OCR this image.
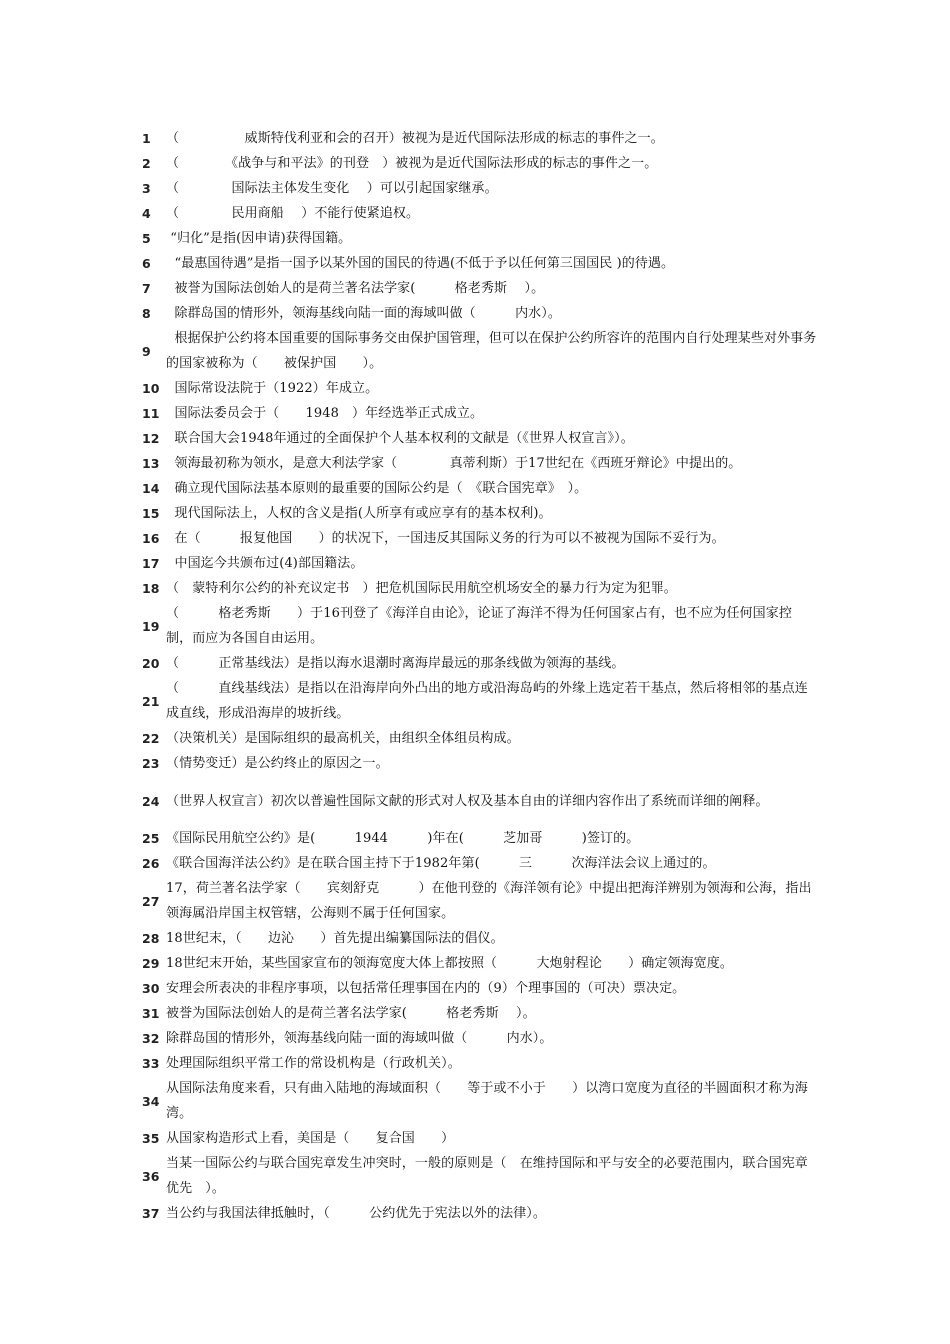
1	（　　　　　威斯特伐利亚和会的召开）被视为是近代国际法形成的标志的事件之一。
2	（　　　　《战争与和平法》的刊登　）被视为是近代国际法形成的标志的事件之一。
3	（　　　　国际法主体发生变化　 ）可以引起国家继承。
4	（　　　　民用商船　 ）不能行使紧追权。
5	“归化”是指(因申请)获得国籍。
6	“最惠国待遇”是指一国予以某外国的国民的待遇(不低于予以任何第三国国民 )的待遇。
7	被誉为国际法创始人的是荷兰著名法学家(　　　格老秀斯　 ）。
8	除群岛国的情形外，领海基线向陆一面的海域叫做（　　　内水）。
9
根据保护公约将本国重要的国际事务交由保护国管理，但可以在保护公约所容许的范围内自行处理某些对外事务的国家被称为（　　被保护国　　）。
10 国际常设法院于（1922）年成立。
11 国际法委员会于（　　1948　）年经选举正式成立。
12 联合国大会1948年通过的全面保护个人基本权利的文献是（《世界人权宣言》）。
13 领海最初称为领水，是意大利法学家（　　　　真蒂利斯）于17世纪在《西班牙辩论》中提出的。
14 确立现代国际法基本原则的最重要的国际公约是（　《联合国宪章》　）。
15 现代国际法上，人权的含义是指(人所享有或应享有的基本权利)。
16 在（　　　报复他国　　）的状况下，一国违反其国际义务的行为可以不被视为国际不妥行为。
17 中国迄今共颁布过(4)部国籍法。
18 （　蒙特利尔公约的补充议定书　）把危机国际民用航空机场安全的暴力行为定为犯罪。
19
（　　　格老秀斯　　）于16刊登了《海洋自由论》，论证了海洋不得为任何国家占有，也不应为任何国家控制，而应为各国自由运用。
20 （　　　正常基线法）是指以海水退潮时离海岸最远的那条线做为领海的基线。
21
（　　　直线基线法）是指以在沿海岸向外凸出的地方或沿海岛屿的外缘上选定若干基点，然后将相邻的基点连成直线，形成沿海岸的坡折线。
22 （决策机关）是国际组织的最高机关，由组织全体组员构成。
23 （情势变迁）是公约终止的原因之一。
24 （世界人权宣言）初次以普遍性国际文献的形式对人权及基本自由的详细内容作出了系统而详细的阐释。
25 《国际民用航空公约》是(　　　1944　　　)年在(　　　芝加哥　　　)签订的。
26 《联合国海洋法公约》是在联合国主持下于1982年第(　　　三　　　次海洋法会议上通过的。
27
17，荷兰著名法学家（　　宾刻舒克　　　）在他刊登的《海洋领有论》中提出把海洋辨别为领海和公海，指出领海属沿岸国主权管辖，公海则不属于任何国家。
28 18世纪末，（　　边沁　　）首先提出编纂国际法的倡仪。
29 18世纪末开始，某些国家宣布的领海宽度大体上都按照（　　　大炮射程论　　）确定领海宽度。
30 安理会所表决的非程序事项，以包括常任理事国在内的（9）个理事国的（可决）票决定。
31 被誉为国际法创始人的是荷兰著名法学家(　　　格老秀斯　 ）。
32 除群岛国的情形外，领海基线向陆一面的海域叫做（　　　内水）。
33 处理国际组织平常工作的常设机构是（行政机关）。
34
从国际法角度来看，只有曲入陆地的海域面积（　　等于或不小于　　）以湾口宽度为直径的半圆面积才称为海湾。
35 从国家构造形式上看，美国是（　　复合国　　）
36
当某一国际公约与联合国宪章发生冲突时，一般的原则是（　在维持国际和平与安全的必要范围内，联合国宪章优先　）。
37 当公约与我国法律抵触时，（　　　公约优先于宪法以外的法律）。
